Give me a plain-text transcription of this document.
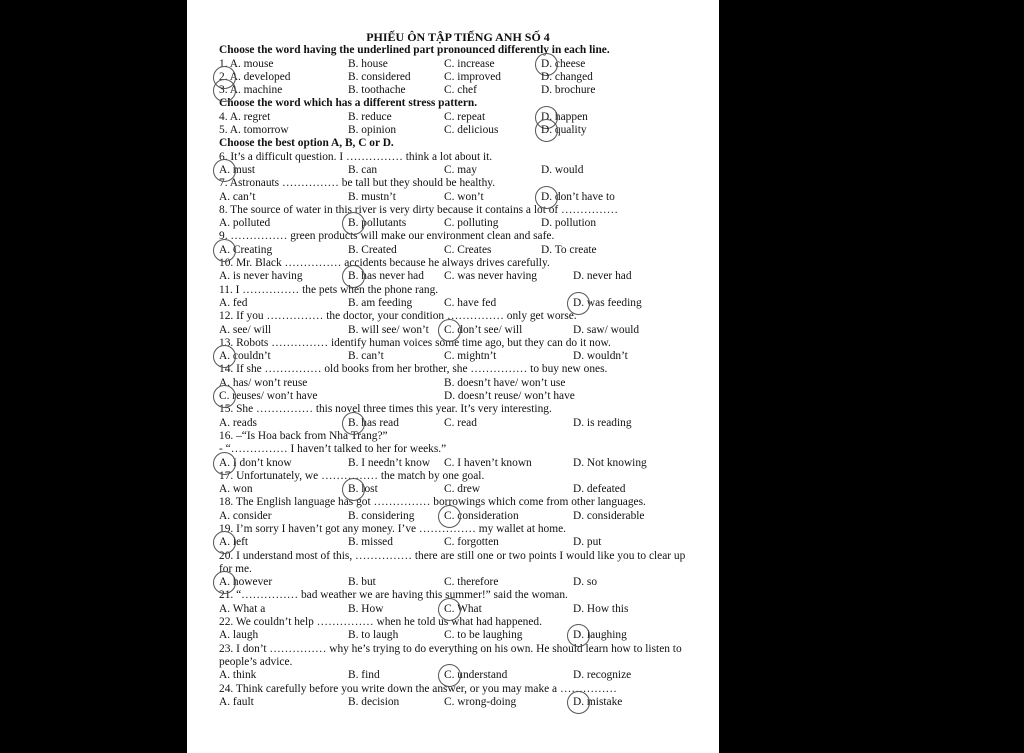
PHIẾU ÔN TẬP TIẾNG ANH SỐ 4
Choose the word having the underlined part pronounced differently in each line.
1. A. mouse	B. house	C. increase	D. cheese
2. A. developed	B. considered	C. improved	D. changed
3. A. machine	B. toothache	C. chef	D. brochure
Choose the word which has a different stress pattern.
4. A. regret	B. reduce	C. repeat	D. happen
5. A. tomorrow	B. opinion	C. delicious	D. quality
Choose the best option A, B, C or D.
6. It’s a difficult question. I …………… think a lot about it.
A. must	B. can	C. may	D. would
7. Astronauts …………… be tall but they should be healthy.
A. can’t	B. mustn’t	C. won’t	D. don’t have to
8. The source of water in this river is very dirty because it contains a lot of ……………
A. polluted	B. pollutants	C. polluting	D. pollution
9. …………… green products will make our environment clean and safe.
A. Creating	B. Created	C. Creates	D. To create
10. Mr. Black …………… accidents because he always drives carefully.
A. is never having	B. has never had C. was never having	D. never had
11. I …………… the pets when the phone rang.
A. fed	B. am feeding	C. have fed	D. was feeding
12. If you …………… the doctor, your condition …………… only get worse.
A. see/ will	B. will see/ won’t C. don’t see/ will	D. saw/ would
13. Robots …………… identify human voices some time ago, but they can do it now.
A. couldn’t	B. can’t	C. mightn’t	D. wouldn’t
14. If she …………… old books from her brother, she …………… to buy new ones.
A. has/ won’t reuse	B. doesn’t have/ won’t use
C. reuses/ won’t have	D. doesn’t reuse/ won’t have
15. She …………… this novel three times this year. It’s very interesting.
A. reads	B. has read	C. read	D. is reading
16. –“Is Hoa back from Nha Trang?”
- “…………… I haven’t talked to her for weeks.”
A. I don’t know	B. I needn’t know C. I haven’t known	D. Not knowing
17. Unfortunately, we …………… the match by one goal.
A. won	B. lost	C. drew	D. defeated
18. The English language has got …………… borrowings which come from other languages.
A. consider	B. considering	C. consideration	D. considerable
19. I’m sorry I haven’t got any money. I’ve …………… my wallet at home.
A. left	B. missed	C. forgotten	D. put
20. I understand most of this, …………… there are still one or two points I would like you to clear up for me.
A. however	B. but	C. therefore	D. so
21. “…………… bad weather we are having this summer!” said the woman.
A. What a	B. How	C. What	D. How this
22. We couldn’t help …………… when he told us what had happened.
A. laugh	B. to laugh	C. to be laughing	D. laughing
23. I don’t …………… why he’s trying to do everything on his own. He should learn how to listen to people’s advice.
A. think	B. find	C. understand	D. recognize
24. Think carefully before you write down the answer, or you may make a ……………
A. fault	B. decision	C. wrong-doing	D. mistake
